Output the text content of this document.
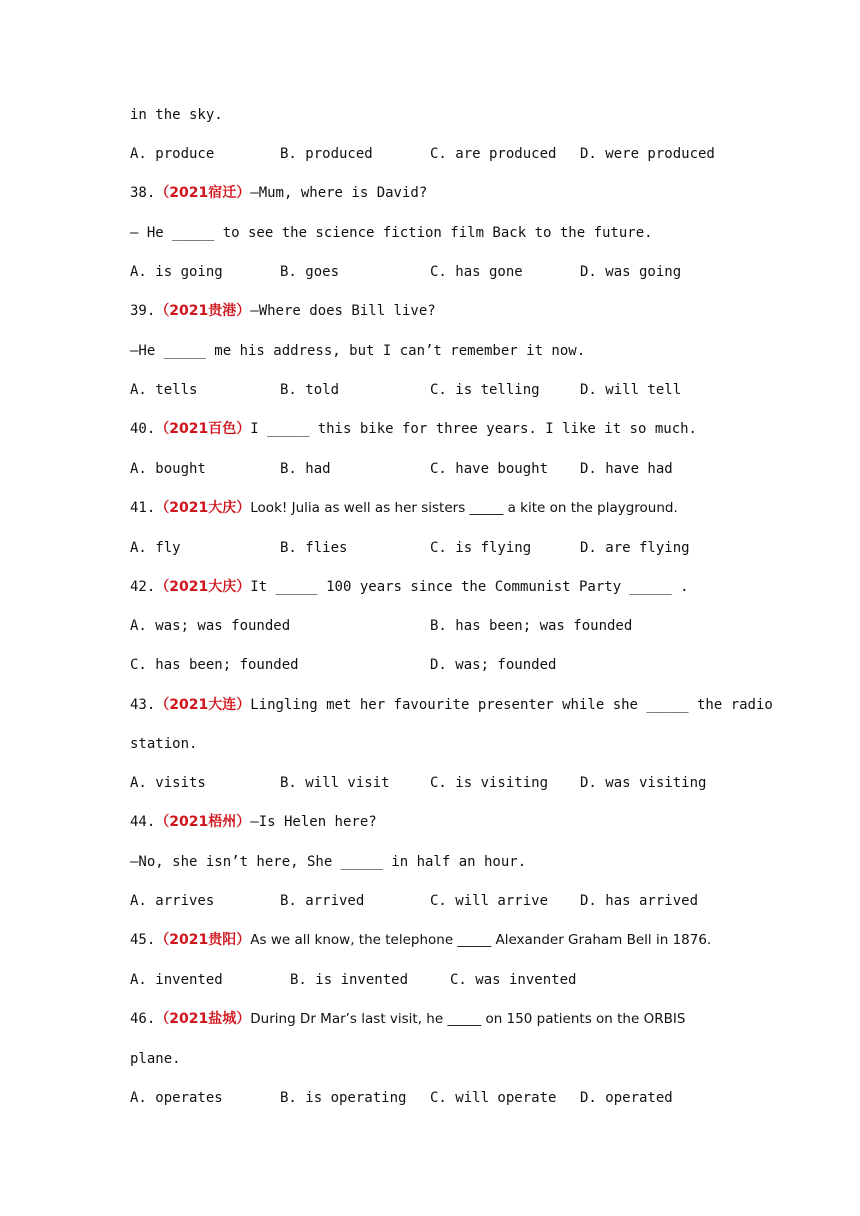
in the sky.
A. produce	B. produced	C. are produced D. were produced
38.（2021宿迁）—Mum, where is David?
— He _____ to see the science fiction film Back to the future.
A. is going	B. goes	C. has gone	D. was going
39.（2021贵港）—Where does Bill live?
—He _____ me his address, but I can’t remember it now.
A. tells	B. told	C. is telling	D. will tell
40.（2021百色）I _____ this bike for three years. I like it so much.
A. bought	B. had	C. have bought D. have had
41.（2021大庆）Look! Julia as well as her sisters _____ a kite on the playground.
A. fly	B. flies	C. is flying	D. are flying
42.（2021大庆）It _____ 100 years since the Communist Party _____ .
A. was; was founded	B. has been; was founded
C. has been; founded	D. was; founded
43.（2021大连）Lingling met her favourite presenter while she _____ the radio
station.
A. visits	B. will visit	C. is visiting D. was visiting
44.（2021梧州）—Is Helen here?
—No, she isn’t here, She _____ in half an hour.
A. arrives	B. arrived	C. will arrive D. has arrived
45.（2021贵阳）As we all know, the telephone _____ Alexander Graham Bell in 1876.
A. invented	B. is invented	C. was invented
46.（2021盐城）During Dr Mar’s last visit, he _____ on 150 patients on the ORBIS
plane.
A. operates	B. is operating C. will operate D. operated
